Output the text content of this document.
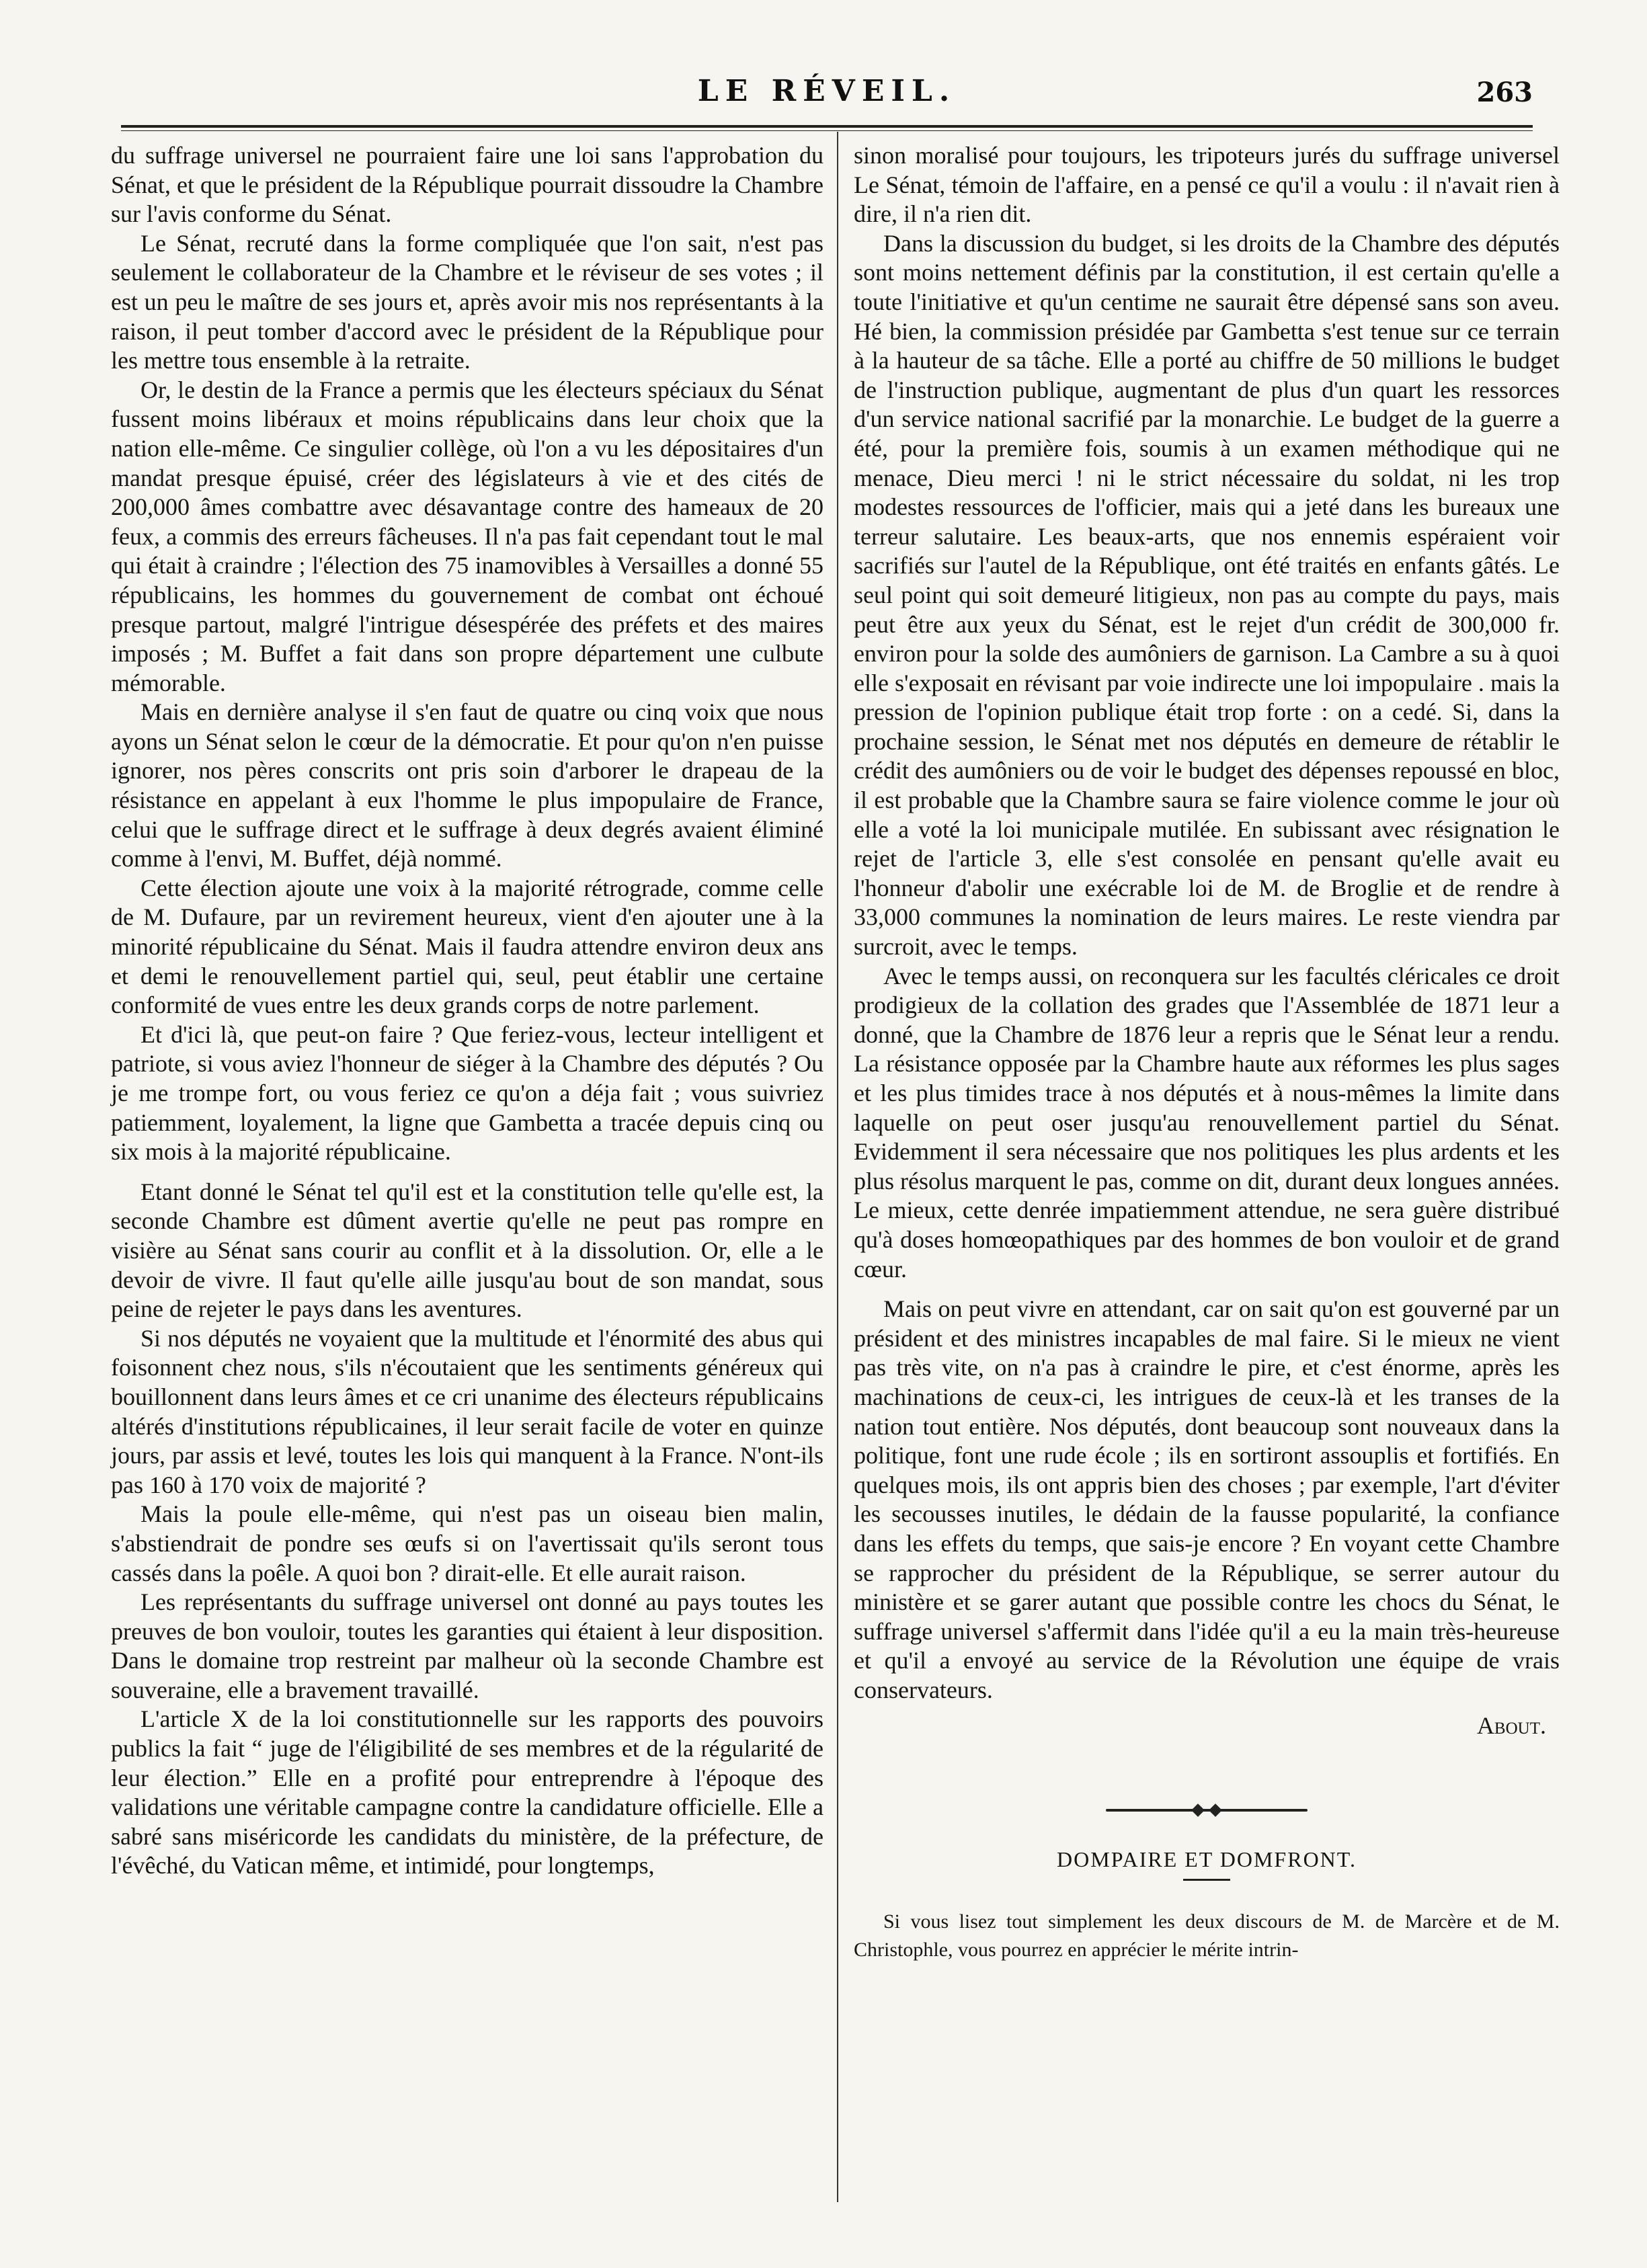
LE RÉVEIL.	263

du suffrage universel ne pourraient faire une loi sans l'approbation du Sénat, et que le président de la République pourrait dissoudre la Chambre sur l'avis conforme du Sénat.

Le Sénat, recruté dans la forme compliquée que l'on sait, n'est pas seulement le collaborateur de la Chambre et le réviseur de ses votes ; il est un peu le maître de ses jours et, après avoir mis nos représentants à la raison, il peut tomber d'accord avec le président de la République pour les mettre tous ensemble à la retraite.

Or, le destin de la France a permis que les électeurs spéciaux du Sénat fussent moins libéraux et moins républicains dans leur choix que la nation elle-même. Ce singulier collège, où l'on a vu les dépositaires d'un mandat presque épuisé, créer des législateurs à vie et des cités de 200,000 âmes combattre avec désavantage contre des hameaux de 20 feux, a commis des erreurs fâcheuses. Il n'a pas fait cependant tout le mal qui était à craindre ; l'élection des 75 inamovibles à Versailles a donné 55 républicains, les hommes du gouvernement de combat ont échoué presque partout, malgré l'intrigue désespérée des préfets et des maires imposés ; M. Buffet a fait dans son propre département une culbute mémorable.

Mais en dernière analyse il s'en faut de quatre ou cinq voix que nous ayons un Sénat selon le cœur de la démocratie. Et pour qu'on n'en puisse ignorer, nos pères conscrits ont pris soin d'arborer le drapeau de la résistance en appelant à eux l'homme le plus impopulaire de France, celui que le suffrage direct et le suffrage à deux degrés avaient éliminé comme à l'envi, M. Buffet, déjà nommé.

Cette élection ajoute une voix à la majorité rétrograde, comme celle de M. Dufaure, par un revirement heureux, vient d'en ajouter une à la minorité républicaine du Sénat. Mais il faudra attendre environ deux ans et demi le renouvellement partiel qui, seul, peut établir une certaine conformité de vues entre les deux grands corps de notre parlement.

Et d'ici là, que peut-on faire ? Que feriez-vous, lecteur intelligent et patriote, si vous aviez l'honneur de siéger à la Chambre des députés ? Ou je me trompe fort, ou vous feriez ce qu'on a déja fait ; vous suivriez patiemment, loyalement, la ligne que Gambetta a tracée depuis cinq ou six mois à la majorité républicaine.

Etant donné le Sénat tel qu'il est et la constitution telle qu'elle est, la seconde Chambre est dûment avertie qu'elle ne peut pas rompre en visière au Sénat sans courir au conflit et à la dissolution. Or, elle a le devoir de vivre. Il faut qu'elle aille jusqu'au bout de son mandat, sous peine de rejeter le pays dans les aventures.

Si nos députés ne voyaient que la multitude et l'énormité des abus qui foisonnent chez nous, s'ils n'écoutaient que les sentiments généreux qui bouillonnent dans leurs âmes et ce cri unanime des électeurs républicains altérés d'institutions républicaines, il leur serait facile de voter en quinze jours, par assis et levé, toutes les lois qui manquent à la France. N'ont-ils pas 160 à 170 voix de majorité ?

Mais la poule elle-même, qui n'est pas un oiseau bien malin, s'abstiendrait de pondre ses œufs si on l'avertissait qu'ils seront tous cassés dans la poêle. A quoi bon ? dirait-elle. Et elle aurait raison.

Les représentants du suffrage universel ont donné au pays toutes les preuves de bon vouloir, toutes les garanties qui étaient à leur disposition. Dans le domaine trop restreint par malheur où la seconde Chambre est souveraine, elle a bravement travaillé.

L'article X de la loi constitutionnelle sur les rapports des pouvoirs publics la fait “ juge de l'éligibilité de ses membres et de la régularité de leur élection.” Elle en a profité pour entreprendre à l'époque des validations une véritable campagne contre la candidature officielle. Elle a sabré sans miséricorde les candidats du ministère, de la préfecture, de l'évêché, du Vatican même, et intimidé, pour longtemps,

sinon moralisé pour toujours, les tripoteurs jurés du suffrage universel Le Sénat, témoin de l'affaire, en a pensé ce qu'il a voulu : il n'avait rien à dire, il n'a rien dit.

Dans la discussion du budget, si les droits de la Chambre des députés sont moins nettement définis par la constitution, il est certain qu'elle a toute l'initiative et qu'un centime ne saurait être dépensé sans son aveu. Hé bien, la commission présidée par Gambetta s'est tenue sur ce terrain à la hauteur de sa tâche. Elle a porté au chiffre de 50 millions le budget de l'instruction publique, augmentant de plus d'un quart les ressorces d'un service national sacrifié par la monarchie. Le budget de la guerre a été, pour la première fois, soumis à un examen méthodique qui ne menace, Dieu merci ! ni le strict nécessaire du soldat, ni les trop modestes ressources de l'officier, mais qui a jeté dans les bureaux une terreur salutaire. Les beaux-arts, que nos ennemis espéraient voir sacrifiés sur l'autel de la République, ont été traités en enfants gâtés. Le seul point qui soit demeuré litigieux, non pas au compte du pays, mais peut être aux yeux du Sénat, est le rejet d'un crédit de 300,000 fr. environ pour la solde des aumôniers de garnison. La Cambre a su à quoi elle s'exposait en révisant par voie indirecte une loi impopulaire . mais la pression de l'opinion publique était trop forte : on a cedé. Si, dans la prochaine session, le Sénat met nos députés en demeure de rétablir le crédit des aumôniers ou de voir le budget des dépenses repoussé en bloc, il est probable que la Chambre saura se faire violence comme le jour où elle a voté la loi municipale mutilée. En subissant avec résignation le rejet de l'article 3, elle s'est consolée en pensant qu'elle avait eu l'honneur d'abolir une exécrable loi de M. de Broglie et de rendre à 33,000 communes la nomination de leurs maires. Le reste viendra par surcroit, avec le temps.

Avec le temps aussi, on reconquera sur les facultés cléricales ce droit prodigieux de la collation des grades que l'Assemblée de 1871 leur a donné, que la Chambre de 1876 leur a repris que le Sénat leur a rendu. La résistance opposée par la Chambre haute aux réformes les plus sages et les plus timides trace à nos députés et à nous-mêmes la limite dans laquelle on peut oser jusqu'au renouvellement partiel du Sénat. Evidemment il sera nécessaire que nos politiques les plus ardents et les plus résolus marquent le pas, comme on dit, durant deux longues années. Le mieux, cette denrée impatiemment attendue, ne sera guère distribué qu'à doses homœopathiques par des hommes de bon vouloir et de grand cœur.

Mais on peut vivre en attendant, car on sait qu'on est gouverné par un président et des ministres incapables de mal faire. Si le mieux ne vient pas très vite, on n'a pas à craindre le pire, et c'est énorme, après les machinations de ceux-ci, les intrigues de ceux-là et les transes de la nation tout entière. Nos députés, dont beaucoup sont nouveaux dans la politique, font une rude école ; ils en sortiront assouplis et fortifiés. En quelques mois, ils ont appris bien des choses ; par exemple, l'art d'éviter les secousses inutiles, le dédain de la fausse popularité, la confiance dans les effets du temps, que sais-je encore ? En voyant cette Chambre se rapprocher du président de la République, se serrer autour du ministère et se garer autant que possible contre les chocs du Sénat, le suffrage universel s'affermit dans l'idée qu'il a eu la main très-heureuse et qu'il a envoyé au service de la Révolution une équipe de vrais conservateurs.

About.
DOMPAIRE ET DOMFRONT.

Si vous lisez tout simplement les deux discours de M. de Marcère et de M. Christophle, vous pourrez en apprécier le mérite intrin-
